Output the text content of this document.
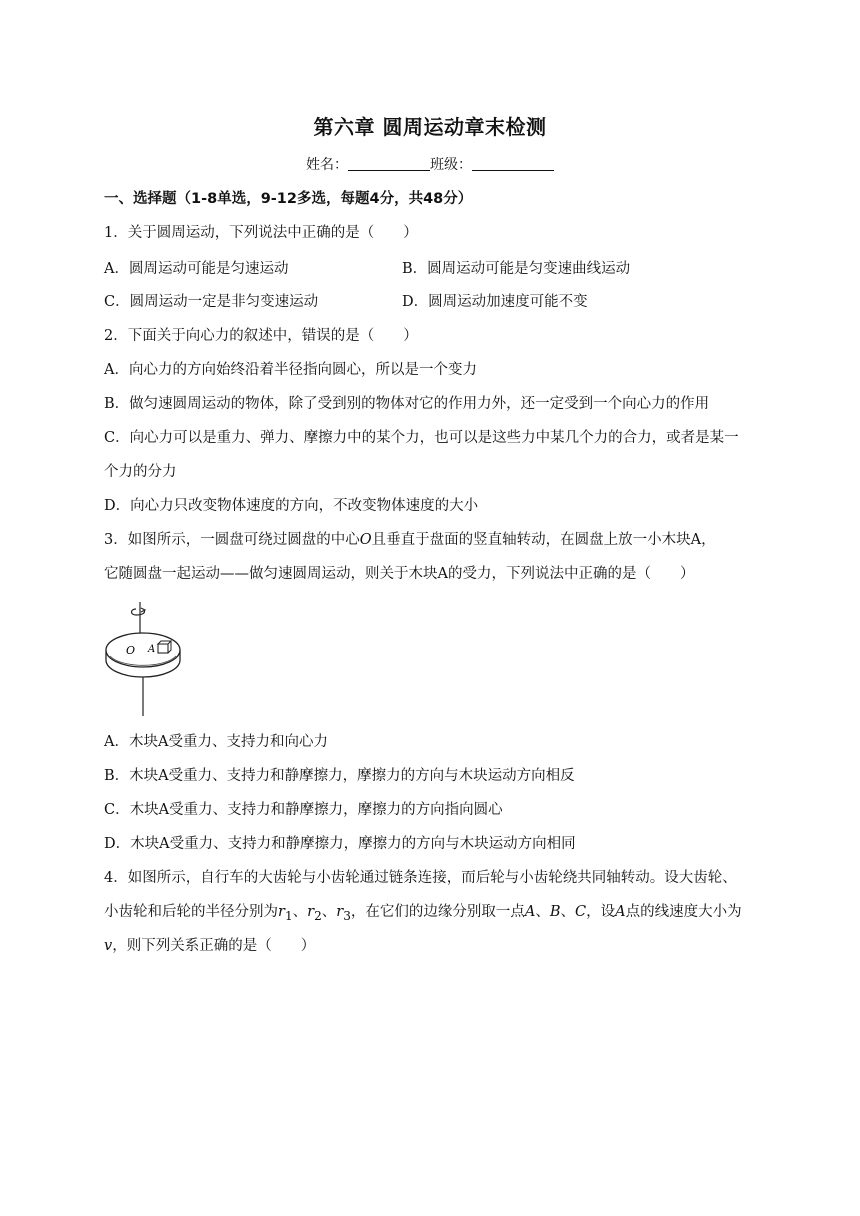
第六章 圆周运动章末检测
姓名：	班级：
一、选择题（1-8单选，9-12多选，每题4分，共48分）
1．关于圆周运动，下列说法中正确的是（　　）
A．圆周运动可能是匀速运动	B．圆周运动可能是匀变速曲线运动
C．圆周运动一定是非匀变速运动	D．圆周运动加速度可能不变
2．下面关于向心力的叙述中，错误的是（　　）
A．向心力的方向始终沿着半径指向圆心，所以是一个变力
B．做匀速圆周运动的物体，除了受到别的物体对它的作用力外，还一定受到一个向心力的作用
C．向心力可以是重力、弹力、摩擦力中的某个力，也可以是这些力中某几个力的合力，或者是某一
个力的分力
D．向心力只改变物体速度的方向，不改变物体速度的大小
3．如图所示，一圆盘可绕过圆盘的中心O且垂直于盘面的竖直轴转动，在圆盘上放一小木块A，
它随圆盘一起运动——做匀速圆周运动，则关于木块A的受力，下列说法中正确的是（　　）
O A
A．木块A受重力、支持力和向心力
B．木块A受重力、支持力和静摩擦力，摩擦力的方向与木块运动方向相反
C．木块A受重力、支持力和静摩擦力，摩擦力的方向指向圆心
D．木块A受重力、支持力和静摩擦力，摩擦力的方向与木块运动方向相同
4．如图所示，自行车的大齿轮与小齿轮通过链条连接，而后轮与小齿轮绕共同轴转动。设大齿轮、
小齿轮和后轮的半径分别为$r_1$、$r_2$、$r_3$，在它们的边缘分别取一点A、B、C，设A点的线速度大小为
v，则下列关系正确的是（　　）
